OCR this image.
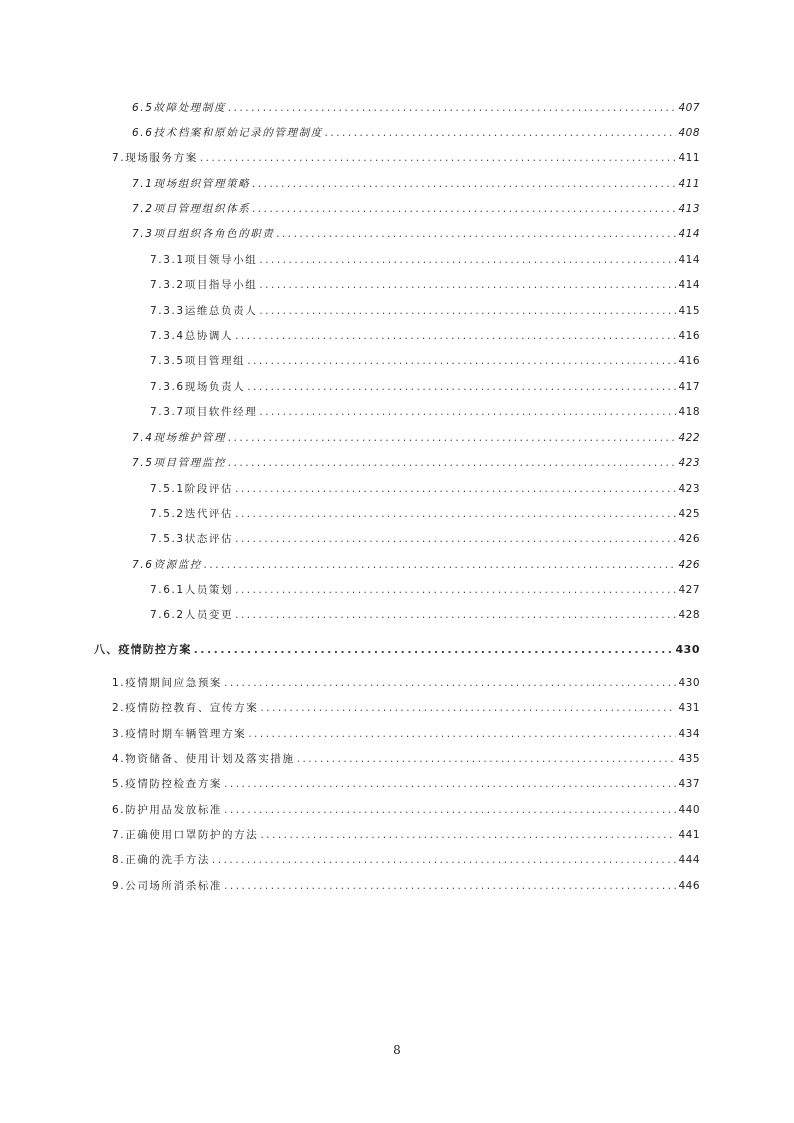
6.5故障处理制度 .....	407
6.6技术档案和原始记录的管理制度 .....	408
7.现场服务方案 .....	411
7.1现场组织管理策略 .....	411
7.2项目管理组织体系 .....	413
7.3项目组织各角色的职责 .....	414
7.3.1项目领导小组 .....	414
7.3.2项目指导小组 .....	414
7.3.3运维总负责人 .....	415
7.3.4总协调人 .....	416
7.3.5项目管理组 .....	416
7.3.6现场负责人 .....	417
7.3.7项目软件经理 .....	418
7.4现场维护管理 .....	422
7.5项目管理监控 .....	423
7.5.1阶段评估 .....	423
7.5.2迭代评估 .....	425
7.5.3状态评估 .....	426
7.6资源监控 .....	426
7.6.1人员策划 .....	427
7.6.2人员变更 .....	428
八、疫情防控方案 .....	430
1.疫情期间应急预案 .....	430
2.疫情防控教育、宣传方案 .....	431
3.疫情时期车辆管理方案 .....	434
4.物资储备、使用计划及落实措施 .....	435
5.疫情防控检查方案 .....	437
6.防护用品发放标准 .....	440
7.正确使用口罩防护的方法 .....	441
8.正确的洗手方法 .....	444
9.公司场所消杀标准 .....	446
8
